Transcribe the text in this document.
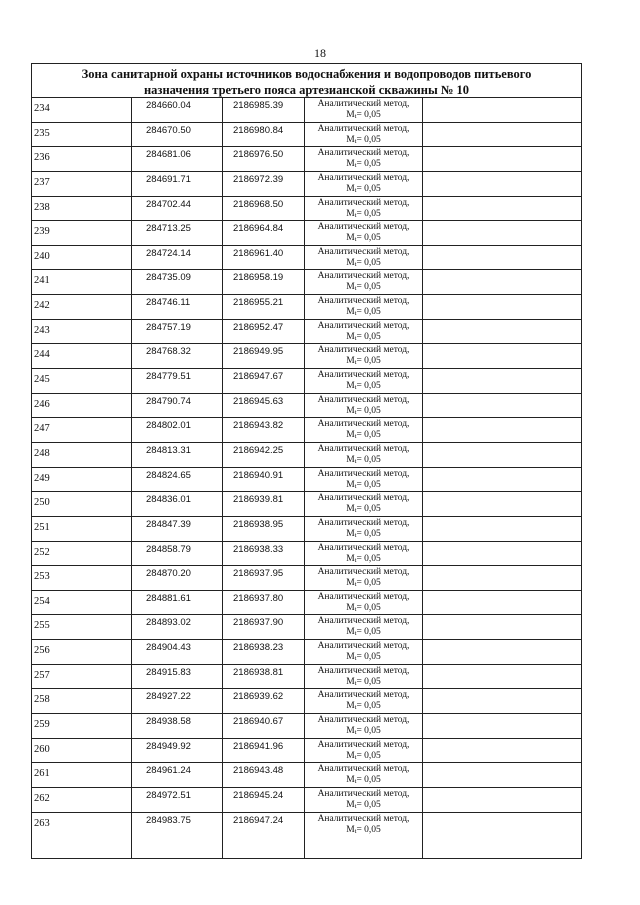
18
Зона санитарной охраны источников водоснабжения и водопроводов питьевого
назначения третьего пояса артезианской скважины № 10
234	284660.04	2186985.39	Аналитический метод,
Mt= 0,05
235	284670.50	2186980.84	Аналитический метод,
Mt= 0,05
236	284681.06	2186976.50	Аналитический метод,
Mt= 0,05
237	284691.71	2186972.39	Аналитический метод,
Mt= 0,05
238	284702.44	2186968.50	Аналитический метод,
Mt= 0,05
239	284713.25	2186964.84	Аналитический метод,
Mt= 0,05
240	284724.14	2186961.40	Аналитический метод,
Mt= 0,05
241	284735.09	2186958.19	Аналитический метод,
Mt= 0,05
242	284746.11	2186955.21	Аналитический метод,
Mt= 0,05
243	284757.19	2186952.47	Аналитический метод,
Mt= 0,05
244	284768.32	2186949.95	Аналитический метод,
Mt= 0,05
245	284779.51	2186947.67	Аналитический метод,
Mt= 0,05
246	284790.74	2186945.63	Аналитический метод,
Mt= 0,05
247	284802.01	2186943.82	Аналитический метод,
Mt= 0,05
248	284813.31	2186942.25	Аналитический метод,
Mt= 0,05
249	284824.65	2186940.91	Аналитический метод,
Mt= 0,05
250	284836.01	2186939.81	Аналитический метод,
Mt= 0,05
251	284847.39	2186938.95	Аналитический метод,
Mt= 0,05
252	284858.79	2186938.33	Аналитический метод,
Mt= 0,05
253	284870.20	2186937.95	Аналитический метод,
Mt= 0,05
254	284881.61	2186937.80	Аналитический метод,
Mt= 0,05
255	284893.02	2186937.90	Аналитический метод,
Mt= 0,05
256	284904.43	2186938.23	Аналитический метод,
Mt= 0,05
257	284915.83	2186938.81	Аналитический метод,
Mt= 0,05
258	284927.22	2186939.62	Аналитический метод,
Mt= 0,05
259	284938.58	2186940.67	Аналитический метод,
Mt= 0,05
260	284949.92	2186941.96	Аналитический метод,
Mt= 0,05
261	284961.24	2186943.48	Аналитический метод,
Mt= 0,05
262	284972.51	2186945.24	Аналитический метод,
Mt= 0,05
263	284983.75	2186947.24	Аналитический метод,
Mt= 0,05
